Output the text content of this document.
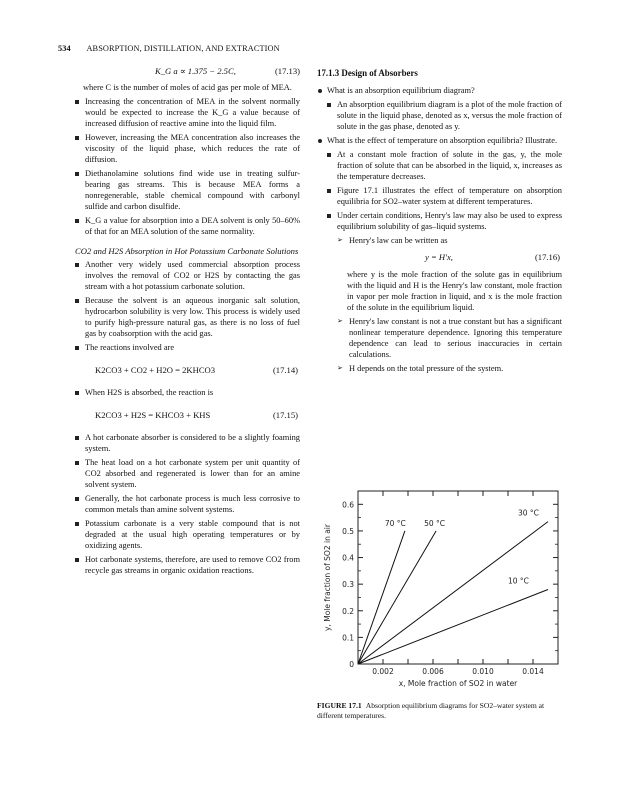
534 ABSORPTION, DISTILLATION, AND EXTRACTION
K_G a ∝ 1.375 − 2.5C,	(17.13)

where C is the number of moles of acid gas per mole of MEA.

Increasing the concentration of MEA in the solvent normally would be expected to increase the K_G a value because of increased diffusion of reactive amine into the liquid film.
However, increasing the MEA concentration also increases the viscosity of the liquid phase, which reduces the rate of diffusion.
Diethanolamine solutions find wide use in treating sulfur-bearing gas streams. This is because MEA forms a nonregenerable, stable chemical compound with carbonyl sulfide and carbon disulfide.
K_G a value for absorption into a DEA solvent is only 50–60% of that for an MEA solution of the same normality.
CO2 and H2S Absorption in Hot Potassium Carbonate Solutions
Another very widely used commercial absorption process involves the removal of CO2 or H2S by contacting the gas stream with a hot potassium carbonate solution.
Because the solvent is an aqueous inorganic salt solution, hydrocarbon solubility is very low. This process is widely used to purify high-pressure natural gas, as there is no loss of fuel gas by coabsorption with the acid gas.
The reactions involved are
K2CO3 + CO2 + H2O = 2KHCO3	(17.14)
When H2S is absorbed, the reaction is
K2CO3 + H2S = KHCO3 + KHS	(17.15)
A hot carbonate absorber is considered to be a slightly foaming system.
The heat load on a hot carbonate system per unit quantity of CO2 absorbed and regenerated is lower than for an amine solvent system.
Generally, the hot carbonate process is much less corrosive to common metals than amine solvent systems.
Potassium carbonate is a very stable compound that is not degraded at the usual high operating temperatures or by oxidizing agents.
Hot carbonate systems, therefore, are used to remove CO2 from recycle gas streams in organic oxidation reactions.
17.1.3 Design of Absorbers
What is an absorption equilibrium diagram?
An absorption equilibrium diagram is a plot of the mole fraction of solute in the liquid phase, denoted as x, versus the mole fraction of solute in the gas phase, denoted as y.
What is the effect of temperature on absorption equilibria? Illustrate.
At a constant mole fraction of solute in the gas, y, the mole fraction of solute that can be absorbed in the liquid, x, increases as the temperature decreases.
Figure 17.1 illustrates the effect of temperature on absorption equilibria for SO2–water system at different temperatures.
Under certain conditions, Henry's law may also be used to express equilibrium solubility of gas–liquid systems.
➢ Henry's law can be written as
y = H′x,	(17.16)

where y is the mole fraction of the solute gas in equilibrium with the liquid and H is the Henry's law constant, mole fraction in vapor per mole fraction in liquid, and x is the mole fraction of the solute in the equilibrium liquid.

➢ Henry's law constant is not a true constant but has a significant nonlinear temperature dependence. Ignoring this temperature dependence can lead to serious inaccuracies in certain calculations.
➢ H depends on the total pressure of the system.
0
0.1
0.2
0.3
0.4
0.5
0.6
0.002	0.006	0.010	0.014
70 °C 50 °C
30 °C
10 °C
x, Mole fraction of SO2 in water
y, Mole fraction of SO2 in air
FIGURE 17.1 Absorption equilibrium diagrams for SO2–water system at different temperatures.
